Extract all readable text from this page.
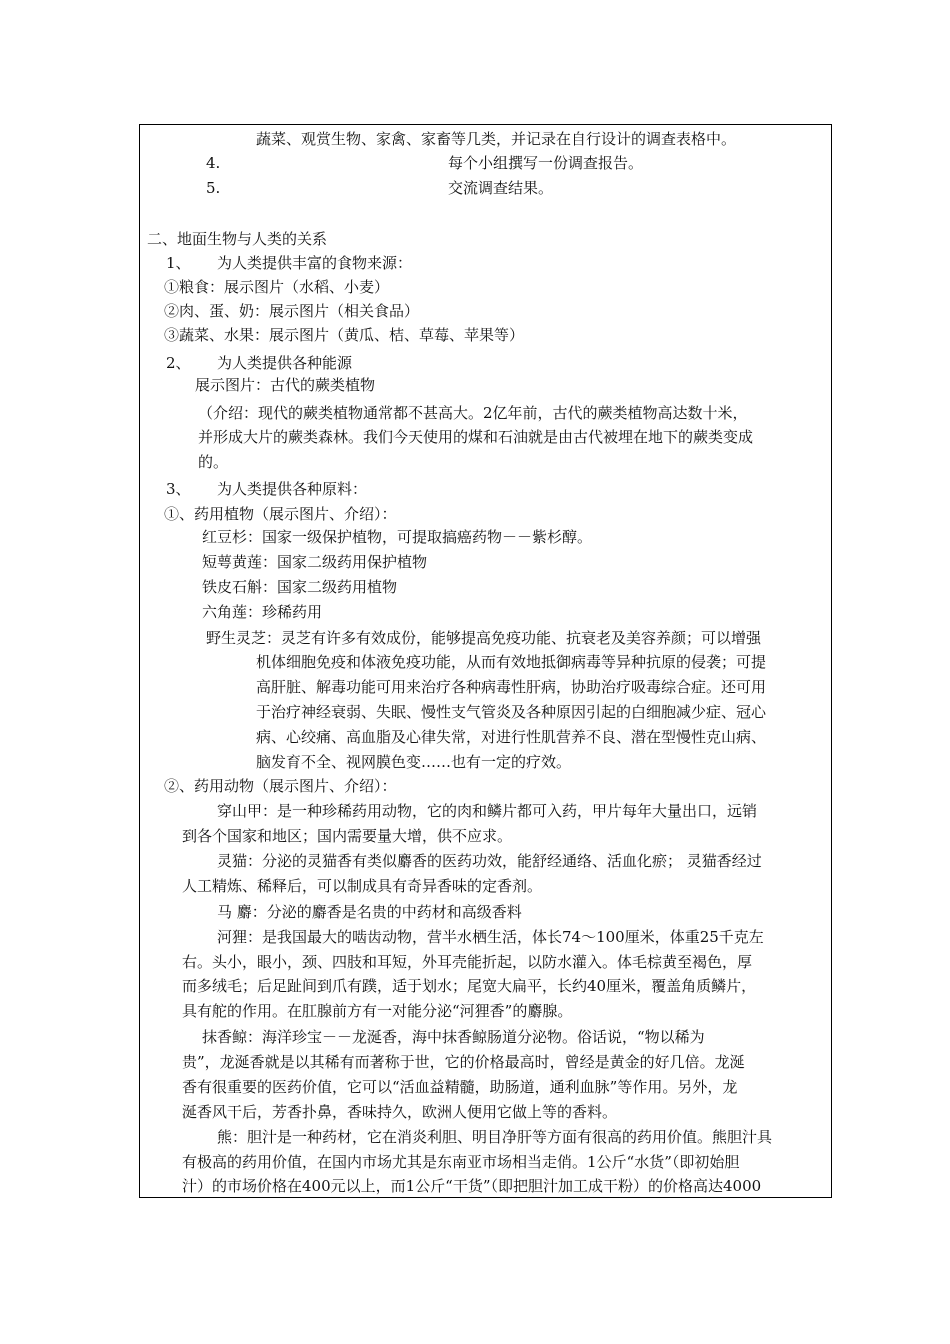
蔬菜、观赏生物、家禽、家畜等几类，并记录在自行设计的调查表格中。
4.	每个小组撰写一份调查报告。
5.	交流调查结果。
二、地面生物与人类的关系
1、 为人类提供丰富的食物来源：
①粮食：展示图片（水稻、小麦）
②肉、蛋、奶：展示图片（相关食品）
③蔬菜、水果：展示图片（黄瓜、桔、草莓、苹果等）
2、 为人类提供各种能源
展示图片：古代的蕨类植物
（介绍：现代的蕨类植物通常都不甚高大。2亿年前，古代的蕨类植物高达数十米，
并形成大片的蕨类森林。我们今天使用的煤和石油就是由古代被埋在地下的蕨类变成
的。
3、 为人类提供各种原料：
①、药用植物（展示图片、介绍）：
红豆杉：国家一级保护植物，可提取搞癌药物－－紫杉醇。
短萼黄莲：国家二级药用保护植物
铁皮石斛：国家二级药用植物
六角莲：珍稀药用
野生灵芝：灵芝有许多有效成份，能够提高免疫功能、抗衰老及美容养颜；可以增强
机体细胞免疫和体液免疫功能，从而有效地抵御病毒等异种抗原的侵袭；可提
高肝脏、解毒功能可用来治疗各种病毒性肝病，协助治疗吸毒综合症。还可用
于治疗神经衰弱、失眠、慢性支气管炎及各种原因引起的白细胞减少症、冠心
病、心绞痛、高血脂及心律失常，对进行性肌营养不良、潜在型慢性克山病、
脑发育不全、视网膜色变……也有一定的疗效。
②、药用动物（展示图片、介绍）：
穿山甲：是一种珍稀药用动物，它的肉和鳞片都可入药，甲片每年大量出口，远销
到各个国家和地区；国内需要量大增，供不应求。
灵猫：分泌的灵猫香有类似麝香的医药功效，能舒经通络、活血化瘀； 灵猫香经过
人工精炼、稀释后，可以制成具有奇异香味的定香剂。
马 麝：分泌的麝香是名贵的中药材和高级香料
河狸：是我国最大的啮齿动物，营半水栖生活，体长74～100厘米，体重25千克左
右。头小，眼小，颈、四肢和耳短，外耳壳能折起，以防水灌入。体毛棕黄至褐色，厚
而多绒毛；后足趾间到爪有蹼，适于划水；尾宽大扁平，长约40厘米，覆盖角质鳞片，
具有舵的作用。在肛腺前方有一对能分泌“河狸香”的麝腺。
抹香鲸：海洋珍宝－－龙涎香，海中抹香鲸肠道分泌物。俗话说，“物以稀为
贵”，龙涎香就是以其稀有而著称于世，它的价格最高时，曾经是黄金的好几倍。龙涎
香有很重要的医药价值，它可以“活血益精髓，助肠道，通利血脉”等作用。另外，龙
涎香风干后，芳香扑鼻，香味持久，欧洲人便用它做上等的香料。
熊：胆汁是一种药材，它在消炎利胆、明目净肝等方面有很高的药用价值。熊胆汁具
有极高的药用价值，在国内市场尤其是东南亚市场相当走俏。1公斤“水货”（即初始胆
汁）的市场价格在400元以上，而1公斤“干货”（即把胆汁加工成干粉）的价格高达4000
